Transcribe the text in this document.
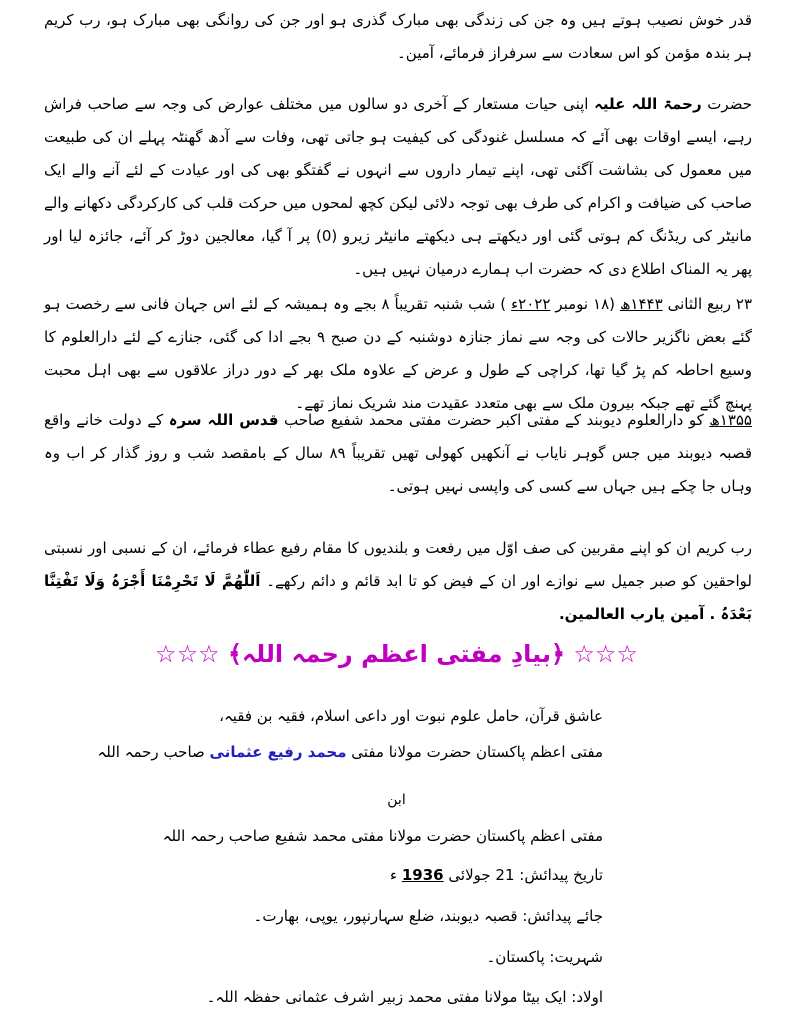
قدر خوش نصیب ہوتے ہیں وہ جن کی زندگی بھی مبارک گذری ہو اور جن کی روانگی بھی مبارک ہو، رب کریم ہر بندہ مؤمن کو اس سعادت سے سرفراز فرمائے، آمین۔

حضرت رحمۃ اللہ علیہ اپنی حیات مستعار کے آخری دو سالوں میں مختلف عوارض کی وجہ سے صاحب فراش رہے، ایسے اوقات بھی آئے کہ مسلسل غنودگی کی کیفیت ہو جاتی تھی، وفات سے آدھ گھنٹہ پہلے ان کی طبیعت میں معمول کی بشاشت آگئی تھی، اپنے تیمار داروں سے انہوں نے گفتگو بھی کی اور عیادت کے لئے آنے والے ایک صاحب کی ضیافت و اکرام کی طرف بھی توجہ دلائی لیکن کچھ لمحوں میں حرکت قلب کی کارکردگی دکھانے والے مانیٹر کی ریڈنگ کم ہوتی گئی اور دیکھتے ہی دیکھتے مانیٹر زیرو (0) پر آ گیا، معالجین دوڑ کر آئے، جائزہ لیا اور پھر یہ المناک اطلاع دی کہ حضرت اب ہمارے درمیان نہیں ہیں۔

۲۳ ربیع الثانی ۱۴۴۳ھ (۱۸ نومبر ۲۰۲۲ء ) شب شنبہ تقریباً ۸ بجے وہ ہمیشہ کے لئے اس جہان فانی سے رخصت ہو گئے بعض ناگزیر حالات کی وجہ سے نماز جنازہ دوشنبہ کے دن صبح ۹ بجے ادا کی گئی، جنازے کے لئے دارالعلوم کا وسیع احاطہ کم پڑ گیا تھا، کراچی کے طول و عرض کے علاوہ ملک بھر کے دور دراز علاقوں سے بھی اہل محبت پہنچ گئے تھے جبکہ بیرون ملک سے بھی متعدد عقیدت مند شریک نماز تھے۔

۱۳۵۵ھ کو دارالعلوم دیوبند کے مفتی اکبر حضرت مفتی محمد شفیع صاحب قدس اللہ سرہ کے دولت خانے واقع قصبہ دیوبند میں جس گوہر نایاب نے آنکھیں کھولی تھیں تقریباً ۸۹ سال کے بامقصد شب و روز گذار کر اب وہ وہاں جا چکے ہیں جہاں سے کسی کی واپسی نہیں ہوتی۔

رب کریم ان کو اپنے مقربین کی صف اوّل میں رفعت و بلندیوں کا مقام رفیع عطاء فرمائے، ان کے نسبی اور نسبتی لواحقین کو صبر جمیل سے نوازے اور ان کے فیض کو تا ابد قائم و دائم رکھے۔ اَللّٰھُمَّ لَا تَحْرِمْنَا أَجْرَہُ وَلَا تَفْتِنَّا بَعْدَہُ . آمین یارب العالمین.

☆☆☆ ﴿بیادِ مفتی اعظم رحمہ اللہ﴾ ☆☆☆
عاشق قرآن، حامل علوم نبوت اور داعی اسلام، فقیہ بن فقیہ،
مفتی اعظم پاکستان حضرت مولانا مفتی محمد رفیع عثمانی صاحب رحمہ اللہ
مفتی اعظم پاکستان حضرت مولانا مفتی محمد شفیع صاحب رحمہ اللہ
تاریخ پیدائش: 21 جولائی 1936 ء
جائے پیدائش: قصبہ دیوبند، ضلع سہارنپور، یوپی، بھارت۔
شہریت: پاکستان۔
اولاد: ایک بیٹا مولانا مفتی محمد زبیر اشرف عثمانی حفظہ اللہ۔
ابن
